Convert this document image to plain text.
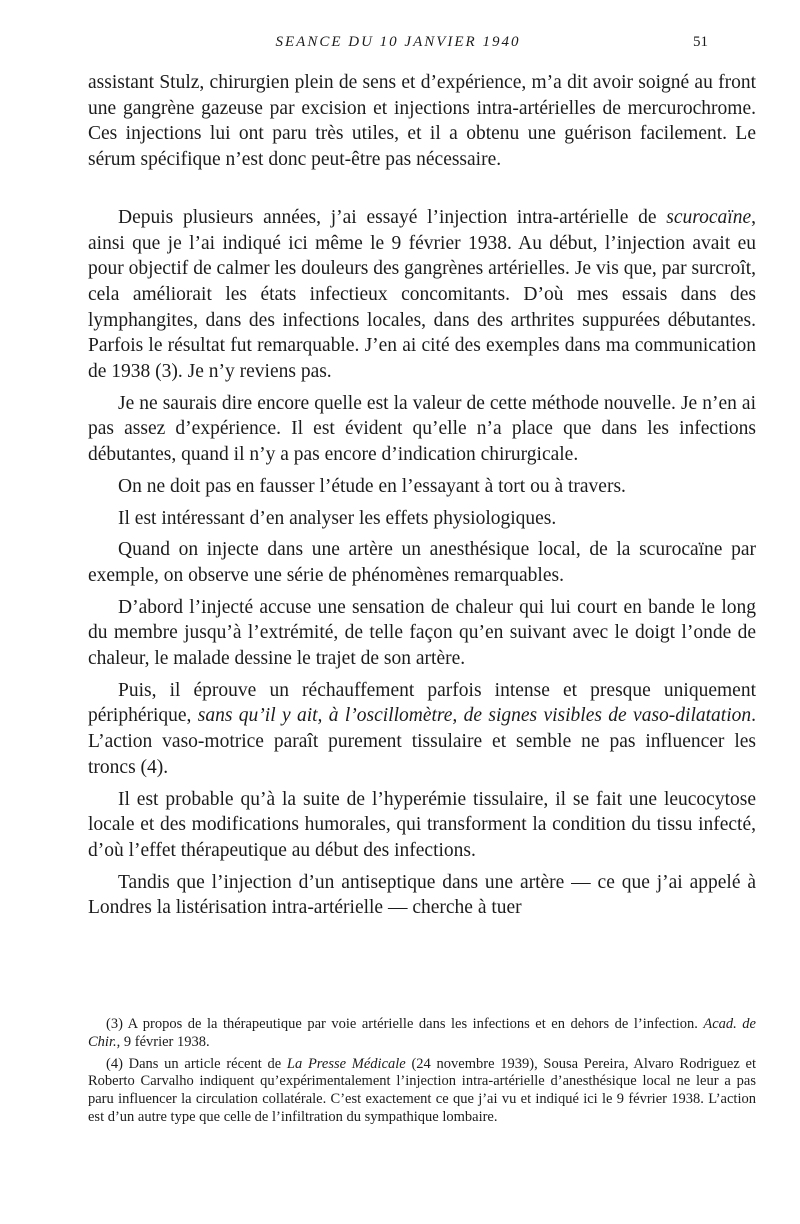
SEANCE DU 10 JANVIER 1940	51

assistant Stulz, chirurgien plein de sens et d’expérience, m’a dit avoir soigné au front une gangrène gazeuse par excision et injections intra-artérielles de mercurochrome. Ces injections lui ont paru très utiles, et il a obtenu une guérison facilement. Le sérum spécifique n’est donc peut-être pas nécessaire.

Depuis plusieurs années, j’ai essayé l’injection intra-artérielle de scurocaïne, ainsi que je l’ai indiqué ici même le 9 février 1938. Au début, l’injection avait eu pour objectif de calmer les douleurs des gangrènes artérielles. Je vis que, par surcroît, cela améliorait les états infectieux concomitants. D’où mes essais dans des lymphangites, dans des infections locales, dans des arthrites suppurées débutantes. Parfois le résultat fut remarquable. J’en ai cité des exemples dans ma communication de 1938 (3). Je n’y reviens pas.

Je ne saurais dire encore quelle est la valeur de cette méthode nouvelle. Je n’en ai pas assez d’expérience. Il est évident qu’elle n’a place que dans les infections débutantes, quand il n’y a pas encore d’indication chirurgicale.

On ne doit pas en fausser l’étude en l’essayant à tort ou à travers.

Il est intéressant d’en analyser les effets physiologiques.

Quand on injecte dans une artère un anesthésique local, de la scurocaïne par exemple, on observe une série de phénomènes remarquables.

D’abord l’injecté accuse une sensation de chaleur qui lui court en bande le long du membre jusqu’à l’extrémité, de telle façon qu’en suivant avec le doigt l’onde de chaleur, le malade dessine le trajet de son artère.

Puis, il éprouve un réchauffement parfois intense et presque uniquement périphérique, sans qu’il y ait, à l’oscillomètre, de signes visibles de vaso-dilatation. L’action vaso-motrice paraît purement tissulaire et semble ne pas influencer les troncs (4).

Il est probable qu’à la suite de l’hyperémie tissulaire, il se fait une leucocytose locale et des modifications humorales, qui transforment la condition du tissu infecté, d’où l’effet thérapeutique au début des infections.

Tandis que l’injection d’un antiseptique dans une artère — ce que j’ai appelé à Londres la listérisation intra-artérielle — cherche à tuer

(3) A propos de la thérapeutique par voie artérielle dans les infections et en dehors de l’infection. Acad. de Chir., 9 février 1938.

(4) Dans un article récent de La Presse Médicale (24 novembre 1939), Sousa Pereira, Alvaro Rodriguez et Roberto Carvalho indiquent qu’expérimentalement l’injection intra-artérielle d’anesthésique local ne leur a pas paru influencer la circulation collatérale. C’est exactement ce que j’ai vu et indiqué ici le 9 février 1938. L’action est d’un autre type que celle de l’infiltration du sympathique lombaire.
